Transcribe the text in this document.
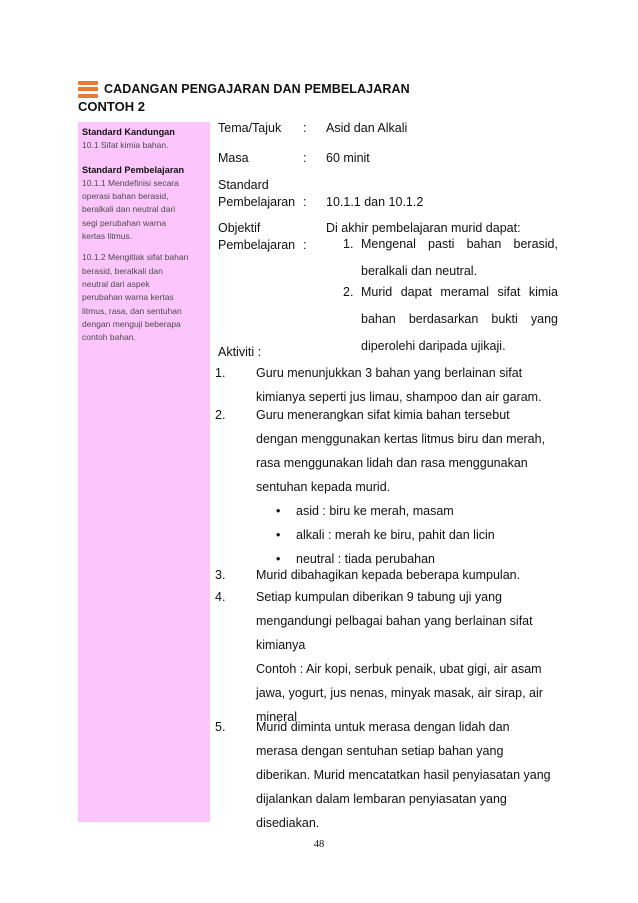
CADANGAN PENGAJARAN DAN PEMBELAJARAN
CONTOH 2
Standard Kandungan
10.1 Sifat kimia bahan.
Standard Pembelajaran
10.1.1 Mendefinisi secara
operasi bahan berasid,
beralkali dan neutral dari
segi perubahan warna
kertas litmus.
10.1.2 Mengitlak sifat bahan
berasid, beralkali dan
neutral dari aspek
perubahan warna kertas
litmus, rasa, dan sentuhan
dengan menguji beberapa
contoh bahan.
Tema/Tajuk : Asid dan Alkali
Masa	: 60 minit
Standard
Pembelajaran : 10.1.1 dan 10.1.2
Objektif
Pembelajaran :
Di akhir pembelajaran murid dapat:
1. Mengenal pasti bahan berasid, beralkali dan neutral.
2. Murid dapat meramal sifat kimia bahan berdasarkan bukti yang diperolehi daripada ujikaji.
Aktiviti :
1. Guru menunjukkan 3 bahan yang berlainan sifat
kimianya seperti jus limau, shampoo dan air garam.
2. Guru menerangkan sifat kimia bahan tersebut
dengan menggunakan kertas litmus biru dan merah,
rasa menggunakan lidah dan rasa menggunakan
sentuhan kepada murid.
• asid : biru ke merah, masam
• alkali : merah ke biru, pahit dan licin
• neutral : tiada perubahan
3. Murid dibahagikan kepada beberapa kumpulan.
4. Setiap kumpulan diberikan 9 tabung uji yang
mengandungi pelbagai bahan yang berlainan sifat
kimianya
Contoh : Air kopi, serbuk penaik, ubat gigi, air asam
jawa, yogurt, jus nenas, minyak masak, air sirap, air
mineral
5. Murid diminta untuk merasa dengan lidah dan
merasa dengan sentuhan setiap bahan yang
diberikan. Murid mencatatkan hasil penyiasatan yang
dijalankan dalam lembaran penyiasatan yang
disediakan.
48
